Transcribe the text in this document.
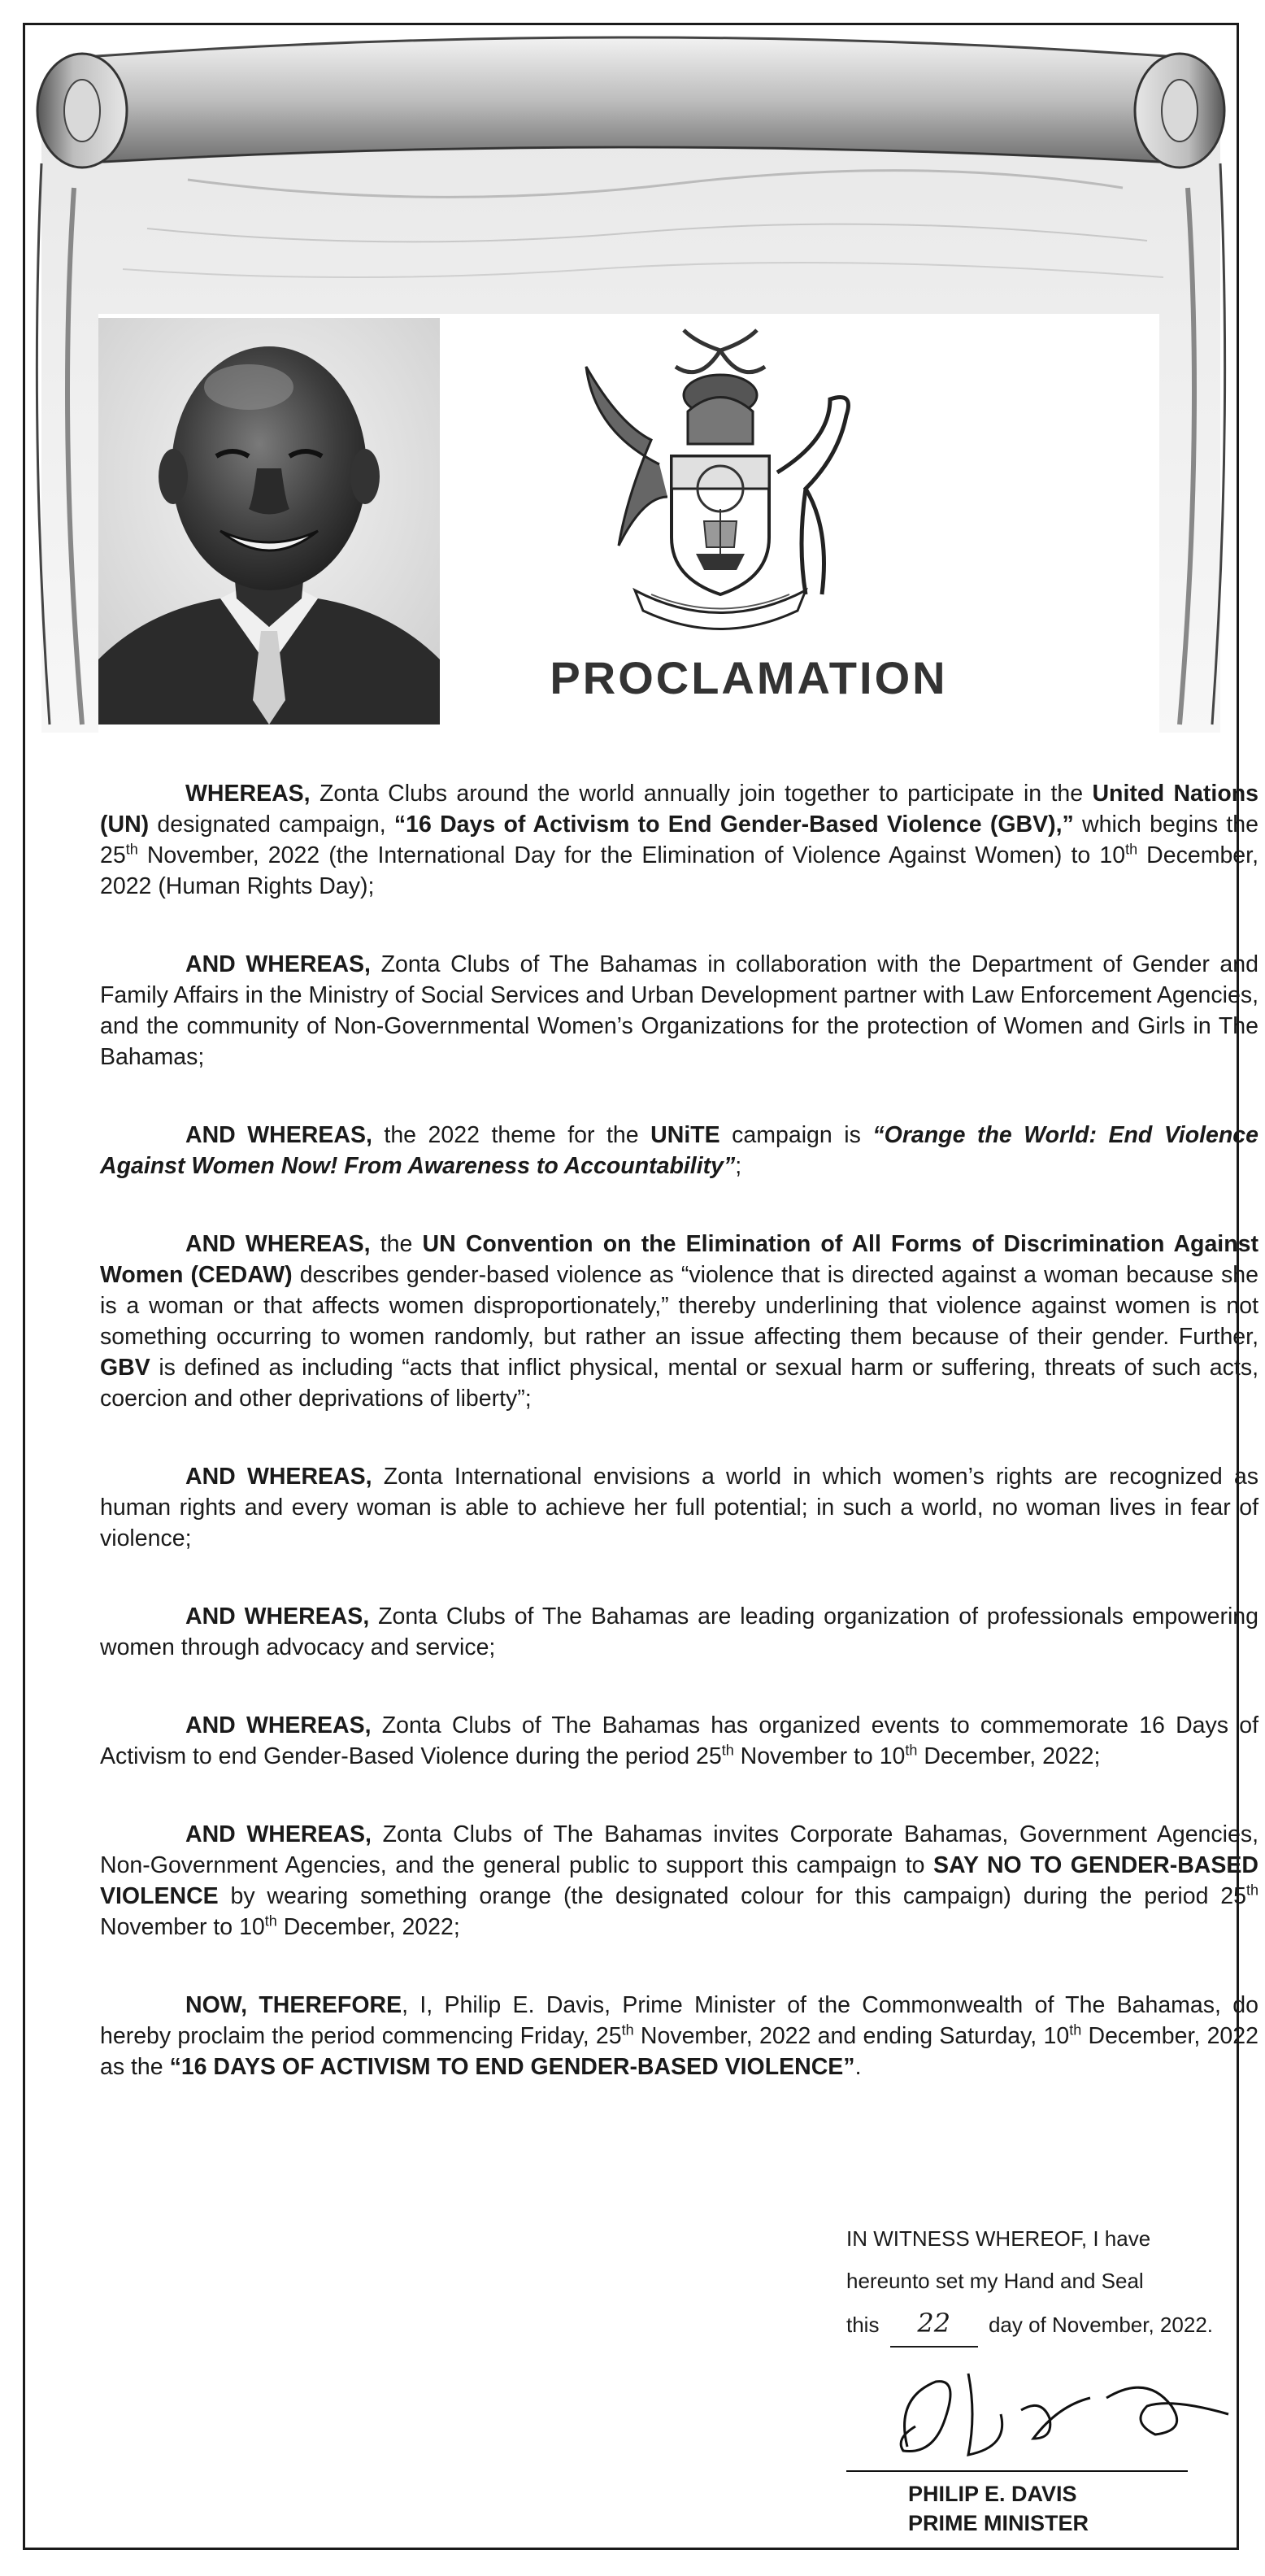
PROCLAMATION

WHEREAS, Zonta Clubs around the world annually join together to participate in the United Nations (UN) designated campaign, “16 Days of Activism to End Gender-Based Violence (GBV),” which begins the 25th November, 2022 (the International Day for the Elimination of Violence Against Women) to 10th December, 2022 (Human Rights Day);

AND WHEREAS, Zonta Clubs of The Bahamas in collaboration with the Department of Gender and Family Affairs in the Ministry of Social Services and Urban Development partner with Law Enforcement Agencies, and the community of Non-Governmental Women’s Organizations for the protection of Women and Girls in The Bahamas;

AND WHEREAS, the 2022 theme for the UNiTE campaign is “Orange the World: End Violence Against Women Now! From Awareness to Accountability”;

AND WHEREAS, the UN Convention on the Elimination of All Forms of Discrimination Against Women (CEDAW) describes gender-based violence as “violence that is directed against a woman because she is a woman or that affects women disproportionately,” thereby underlining that violence against women is not something occurring to women randomly, but rather an issue affecting them because of their gender. Further, GBV is defined as including “acts that inflict physical, mental or sexual harm or suffering, threats of such acts, coercion and other deprivations of liberty”;

AND WHEREAS, Zonta International envisions a world in which women’s rights are recognized as human rights and every woman is able to achieve her full potential; in such a world, no woman lives in fear of violence;

AND WHEREAS, Zonta Clubs of The Bahamas are leading organization of professionals empowering women through advocacy and service;

AND WHEREAS, Zonta Clubs of The Bahamas has organized events to commemorate 16 Days of Activism to end Gender-Based Violence during the period 25th November to 10th December, 2022;

AND WHEREAS, Zonta Clubs of The Bahamas invites Corporate Bahamas, Government Agencies, Non-Government Agencies, and the general public to support this campaign to SAY NO TO GENDER-BASED VIOLENCE by wearing something orange (the designated colour for this campaign) during the period 25th November to 10th December, 2022;

NOW, THEREFORE, I, Philip E. Davis, Prime Minister of the Commonwealth of The Bahamas, do hereby proclaim the period commencing Friday, 25th November, 2022 and ending Saturday, 10th December, 2022 as the “16 DAYS OF ACTIVISM TO END GENDER-BASED VIOLENCE”.

IN WITNESS WHEREOF, I have
hereunto set my Hand and Seal
this 22 day of November, 2022.
PHILIP E. DAVIS
PRIME MINISTER
